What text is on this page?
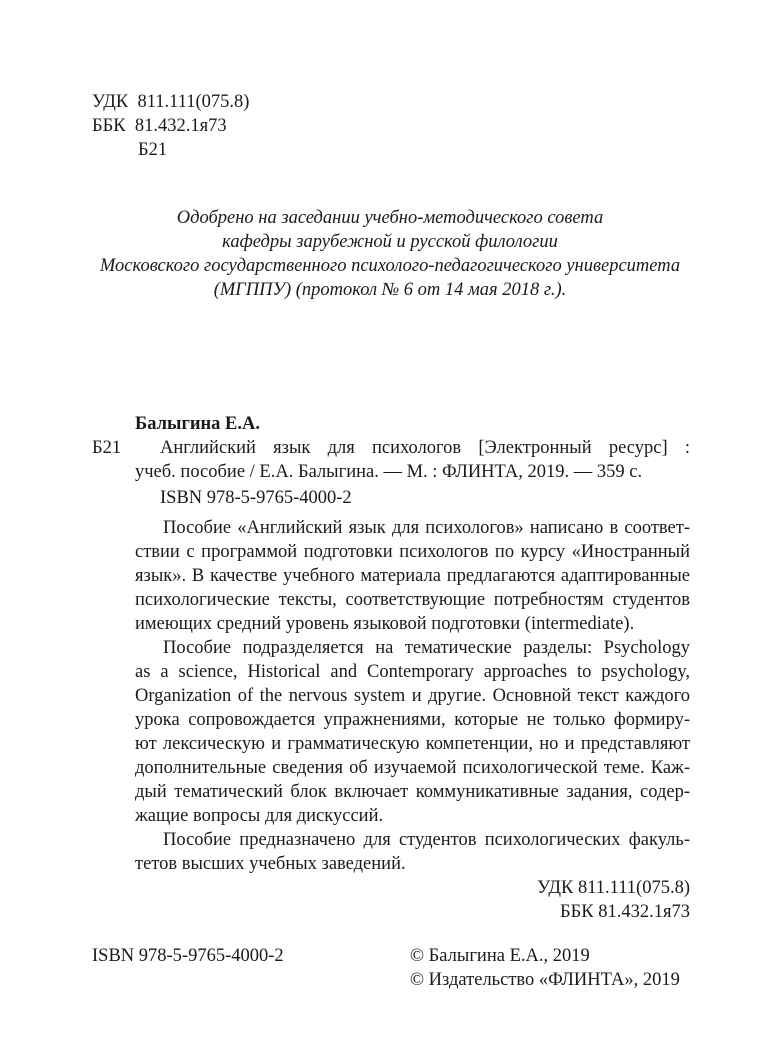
УДК 811.111(075.8)
ББК 81.432.1я73
Б21
Одобрено на заседании учебно-методического совета
кафедры зарубежной и русской филологии
Московского государственного психолого-педагогического университета
(МГППУ) (протокол № 6 от 14 мая 2018 г.).
Балыгина Е.А.
Б21 Английский язык для психологов [Электронный ресурс] :
учеб. пособие / Е.А. Балыгина. — М. : ФЛИНТА, 2019. — 359 с.
ISBN 978-5-9765-4000-2
Пособие «Английский язык для психологов» написано в соответ-
ствии с программой подготовки психологов по курсу «Иностранный
язык». В качестве учебного материала предлагаются адаптированные
психологические тексты, соответствующие потребностям студентов
имеющих средний уровень языковой подготовки (intermediate).
Пособие подразделяется на тематические разделы: Psychology
as a science, Historical and Contemporary approaches to psychology,
Organization of the nervous system и другие. Основной текст каждого
урока сопровождается упражнениями, которые не только формиру-
ют лексическую и грамматическую компетенции, но и представляют
дополнительные сведения об изучаемой психологической теме. Каж-
дый тематический блок включает коммуникативные задания, содер-
жащие вопросы для дискуссий.
Пособие предназначено для студентов психологических факуль-
тетов высших учебных заведений.
УДК 811.111(075.8)
ББК 81.432.1я73
ISBN 978-5-9765-4000-2	© Балыгина Е.А., 2019
© Издательство «ФЛИНТА», 2019
